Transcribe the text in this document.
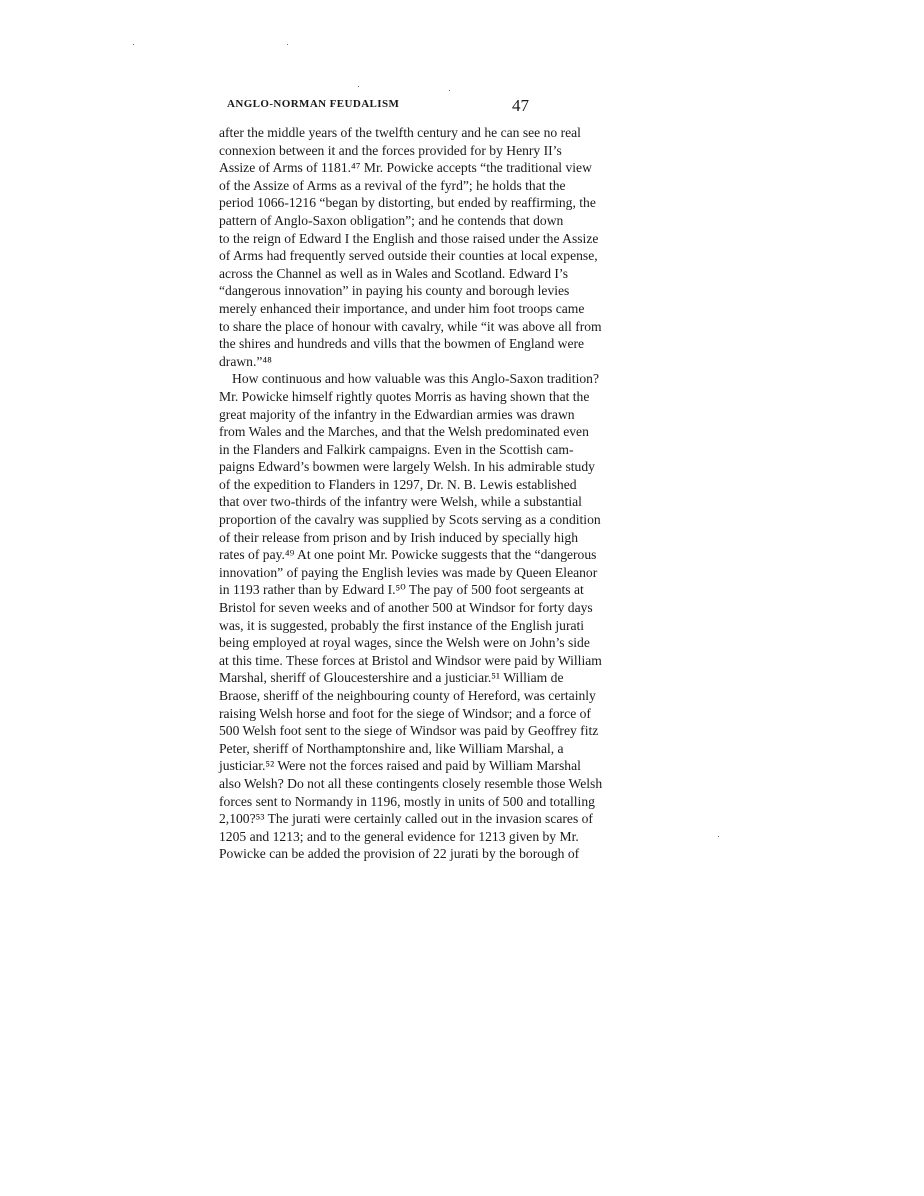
ANGLO-NORMAN FEUDALISM	47
after the middle years of the twelfth century and he can see no real
connexion between it and the forces provided for by Henry II’s
Assize of Arms of 1181.⁴⁷ Mr. Powicke accepts “the traditional view
of the Assize of Arms as a revival of the fyrd”; he holds that the
period 1066-1216 “began by distorting, but ended by reaffirming, the
pattern of Anglo-Saxon obligation”; and he contends that down
to the reign of Edward I the English and those raised under the Assize
of Arms had frequently served outside their counties at local expense,
across the Channel as well as in Wales and Scotland. Edward I’s
“dangerous innovation” in paying his county and borough levies
merely enhanced their importance, and under him foot troops came
to share the place of honour with cavalry, while “it was above all from
the shires and hundreds and vills that the bowmen of England were
drawn.”⁴⁸
How continuous and how valuable was this Anglo-Saxon tradition?
Mr. Powicke himself rightly quotes Morris as having shown that the
great majority of the infantry in the Edwardian armies was drawn
from Wales and the Marches, and that the Welsh predominated even
in the Flanders and Falkirk campaigns. Even in the Scottish cam-
paigns Edward’s bowmen were largely Welsh. In his admirable study
of the expedition to Flanders in 1297, Dr. N. B. Lewis established
that over two-thirds of the infantry were Welsh, while a substantial
proportion of the cavalry was supplied by Scots serving as a condition
of their release from prison and by Irish induced by specially high
rates of pay.⁴⁹ At one point Mr. Powicke suggests that the “dangerous
innovation” of paying the English levies was made by Queen Eleanor
in 1193 rather than by Edward I.⁵⁰ The pay of 500 foot sergeants at
Bristol for seven weeks and of another 500 at Windsor for forty days
was, it is suggested, probably the first instance of the English jurati
being employed at royal wages, since the Welsh were on John’s side
at this time. These forces at Bristol and Windsor were paid by William
Marshal, sheriff of Gloucestershire and a justiciar.⁵¹ William de
Braose, sheriff of the neighbouring county of Hereford, was certainly
raising Welsh horse and foot for the siege of Windsor; and a force of
500 Welsh foot sent to the siege of Windsor was paid by Geoffrey fitz
Peter, sheriff of Northamptonshire and, like William Marshal, a
justiciar.⁵² Were not the forces raised and paid by William Marshal
also Welsh? Do not all these contingents closely resemble those Welsh
forces sent to Normandy in 1196, mostly in units of 500 and totalling
2,100?⁵³ The jurati were certainly called out in the invasion scares of
1205 and 1213; and to the general evidence for 1213 given by Mr.
Powicke can be added the provision of 22 jurati by the borough of
